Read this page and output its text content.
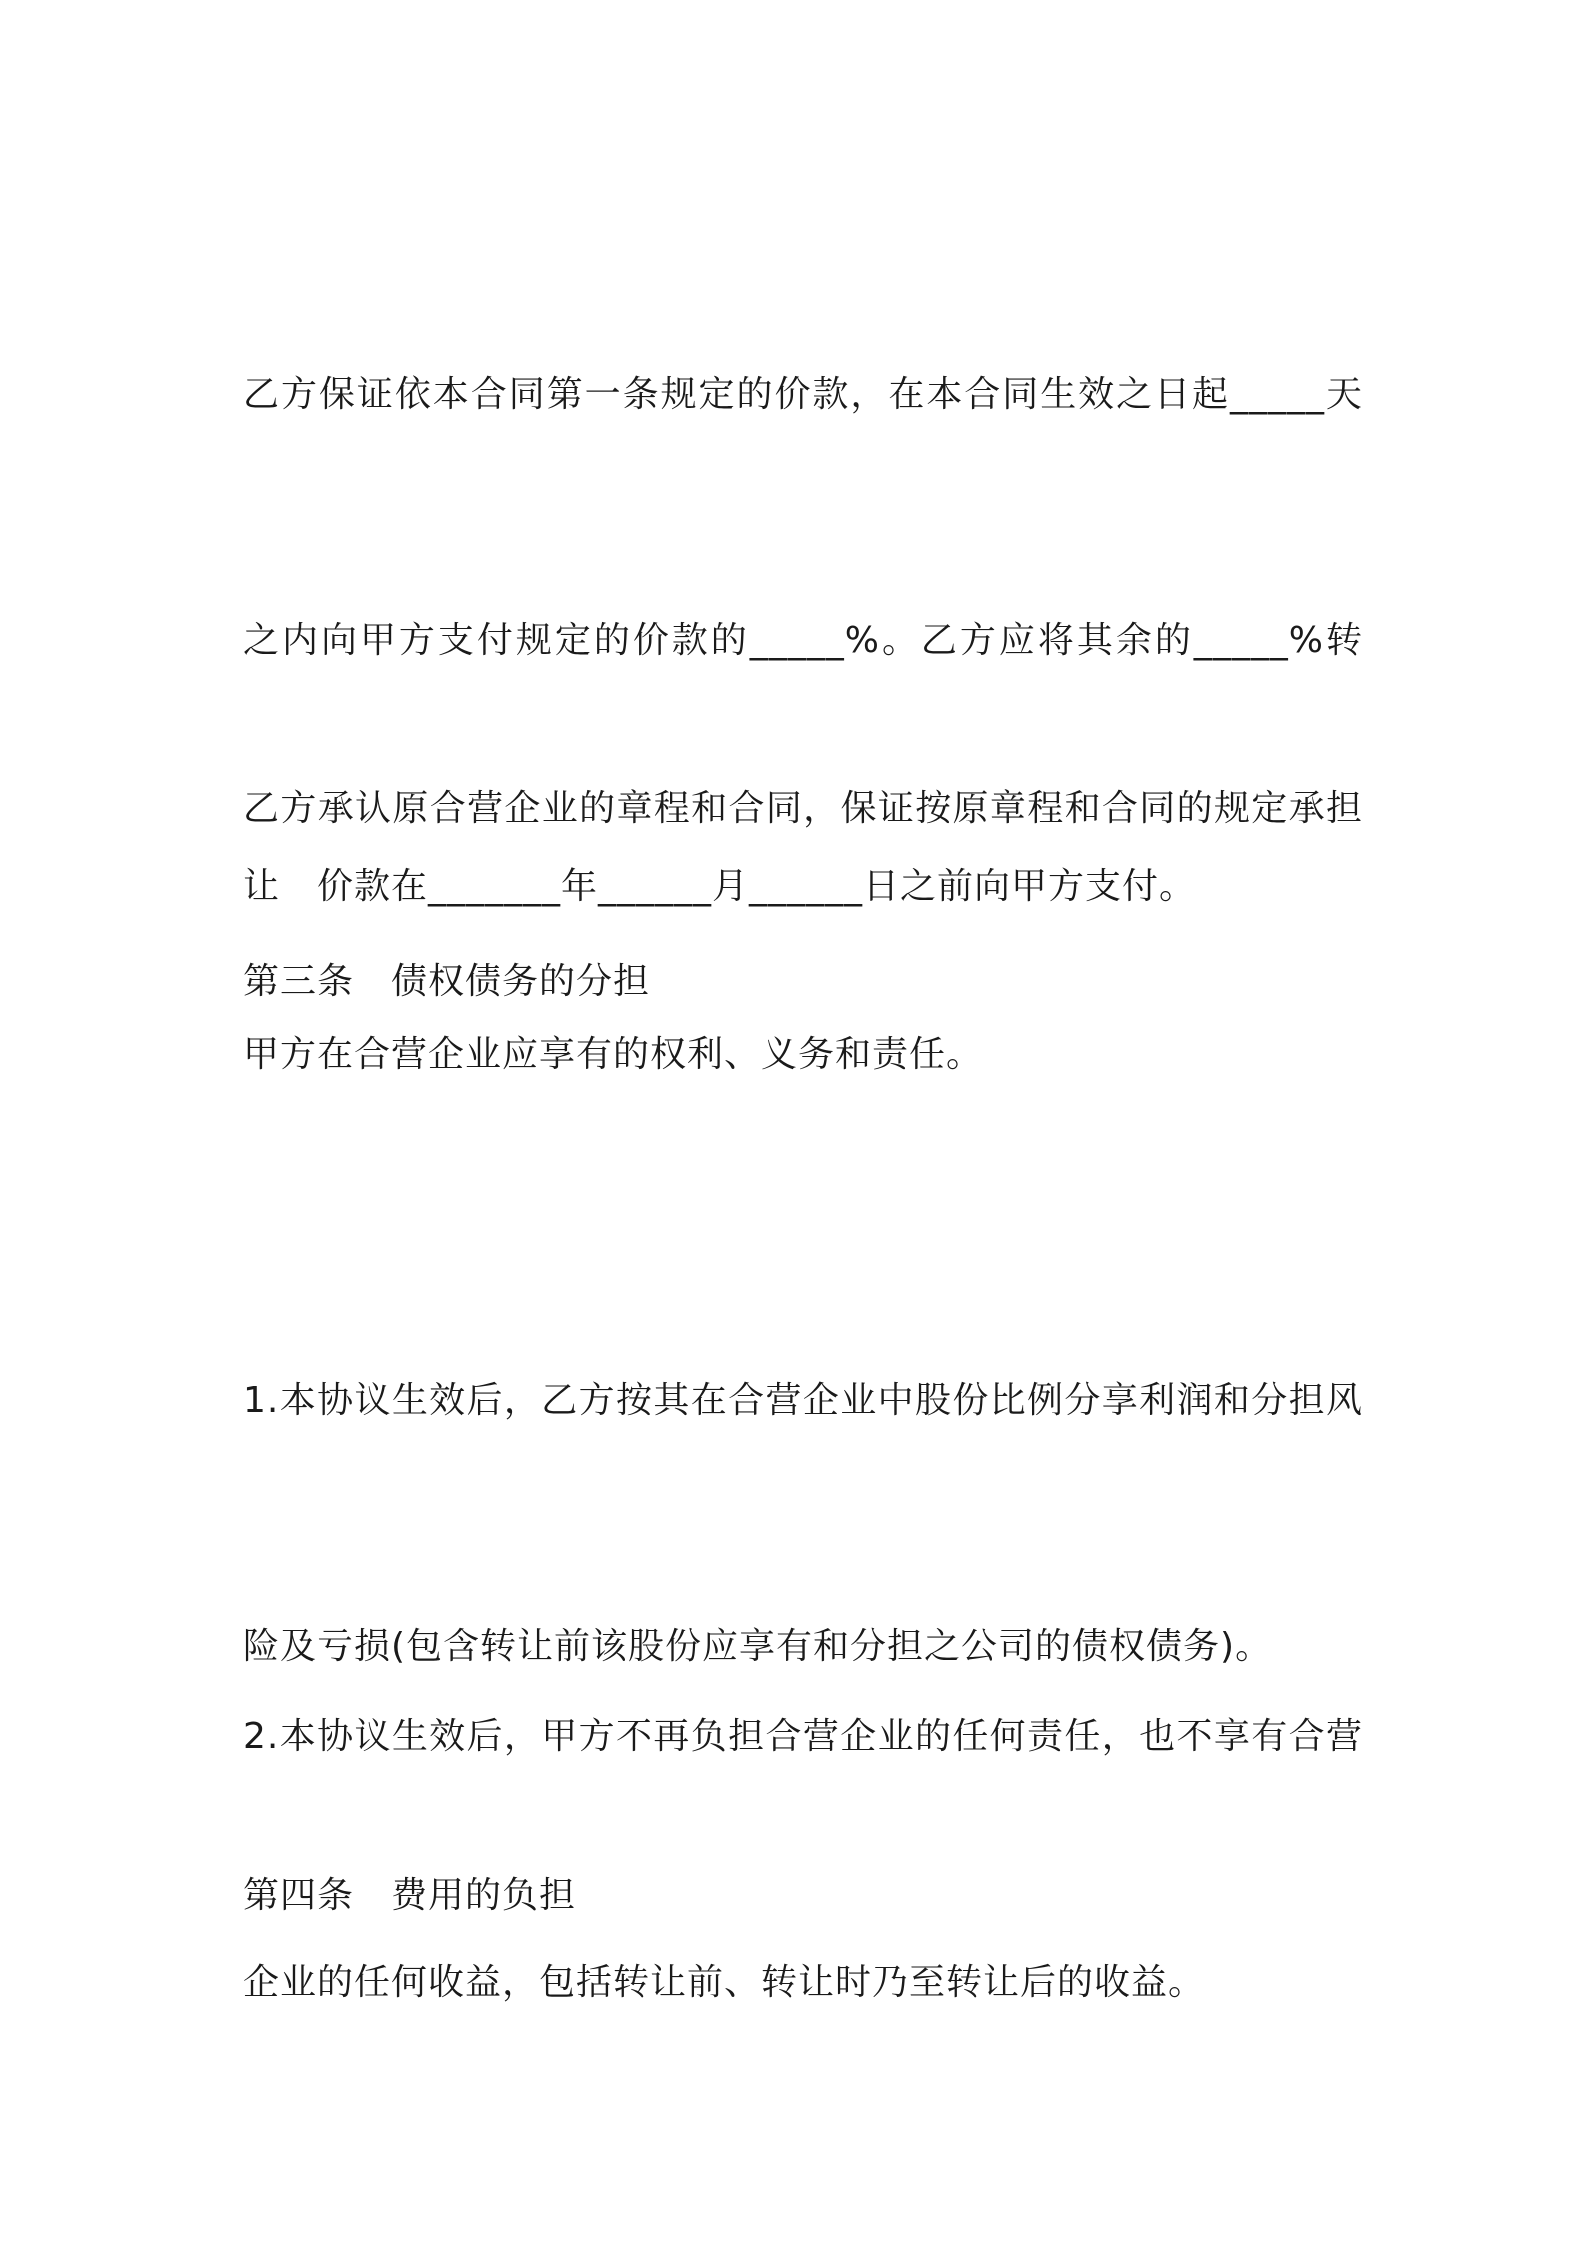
乙方保证依本合同第一条规定的价款，在本合同生效之日起_____天

之内向甲方支付规定的价款的_____%。乙方应将其余的_____%转

让　价款在_______年______月______日之前向甲方支付。

乙方承认原合营企业的章程和合同，保证按原章程和合同的规定承担

甲方在合营企业应享有的权利、义务和责任。

第三条　债权债务的分担

1.本协议生效后，乙方按其在合营企业中股份比例分享利润和分担风

险及亏损(包含转让前该股份应享有和分担之公司的债权债务)。

2.本协议生效后，甲方不再负担合营企业的任何责任，也不享有合营

企业的任何收益，包括转让前、转让时乃至转让后的收益。

第四条　费用的负担
